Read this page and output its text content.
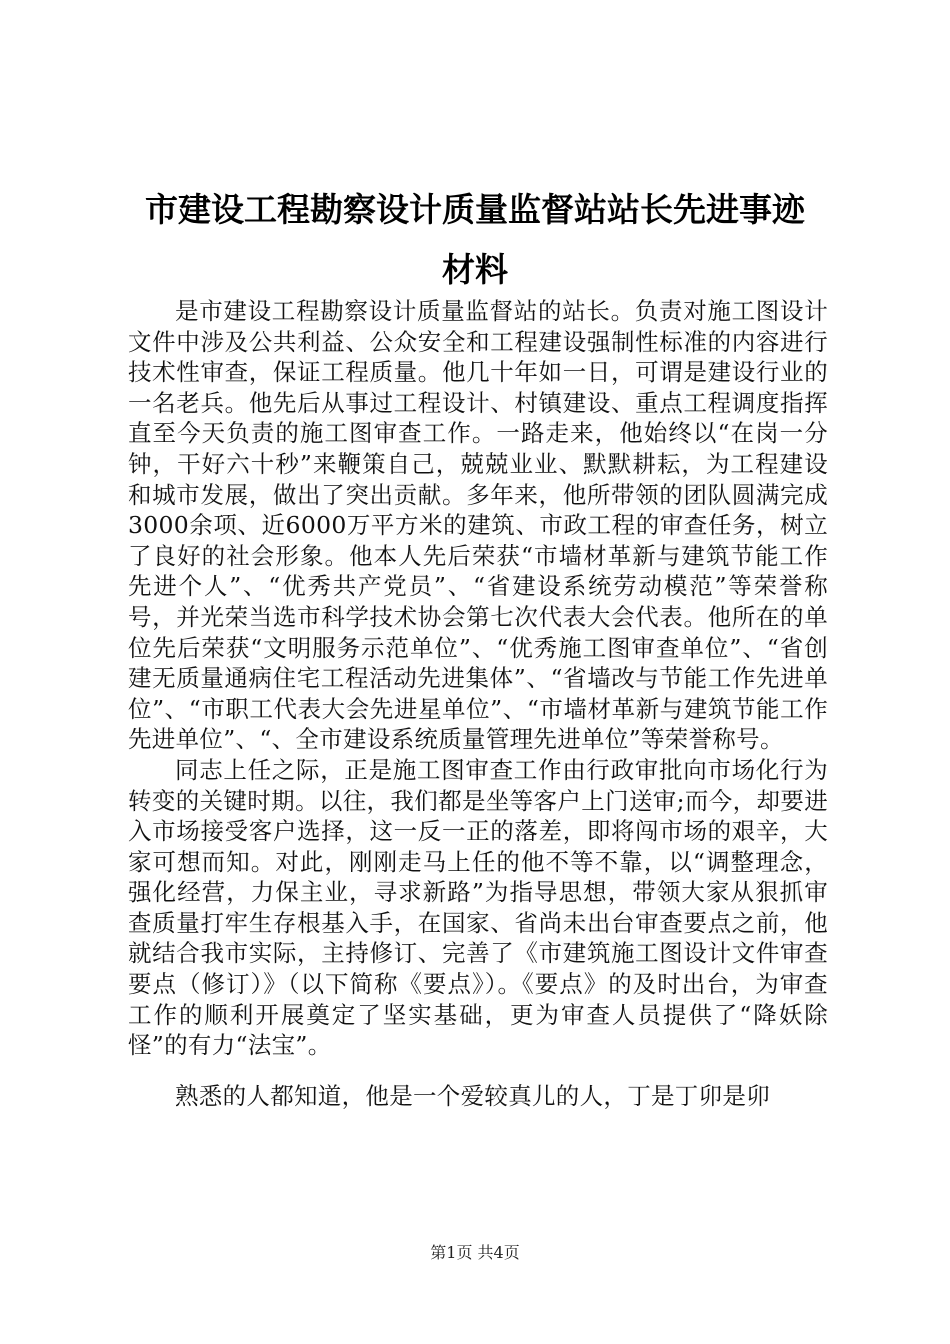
市建设工程勘察设计质量监督站站长先进事迹
材料

是市建设工程勘察设计质量监督站的站长。负责对施工图设计文件中涉及公共利益、公众安全和工程建设强制性标准的内容进行技术性审查，保证工程质量。他几十年如一日，可谓是建设行业的一名老兵。他先后从事过工程设计、村镇建设、重点工程调度指挥直至今天负责的施工图审查工作。一路走来，他始终以“在岗一分钟，干好六十秒”来鞭策自己，兢兢业业、默默耕耘，为工程建设和城市发展，做出了突出贡献。多年来，他所带领的团队圆满完成3000余项、近6000万平方米的建筑、市政工程的审查任务，树立了良好的社会形象。他本人先后荣获“市墙材革新与建筑节能工作先进个人”、“优秀共产党员”、“省建设系统劳动模范”等荣誉称号，并光荣当选市科学技术协会第七次代表大会代表。他所在的单位先后荣获“文明服务示范单位”、“优秀施工图审查单位”、“省创建无质量通病住宅工程活动先进集体”、“省墙改与节能工作先进单位”、“市职工代表大会先进星单位”、“市墙材革新与建筑节能工作先进单位”、“、全市建设系统质量管理先进单位”等荣誉称号。

同志上任之际，正是施工图审查工作由行政审批向市场化行为转变的关键时期。以往，我们都是坐等客户上门送审;而今，却要进入市场接受客户选择，这一反一正的落差，即将闯市场的艰辛，大家可想而知。对此，刚刚走马上任的他不等不靠，以“调整理念，强化经营，力保主业，寻求新路”为指导思想，带领大家从狠抓审查质量打牢生存根基入手，在国家、省尚未出台审查要点之前，他就结合我市实际，主持修订、完善了《市建筑施工图设计文件审查要点（修订）》（以下简称《要点》）。《要点》的及时出台，为审查工作的顺利开展奠定了坚实基础，更为审查人员提供了“降妖除怪”的有力“法宝”。

熟悉的人都知道，他是一个爱较真儿的人，丁是丁卯是卯

第1页 共4页
